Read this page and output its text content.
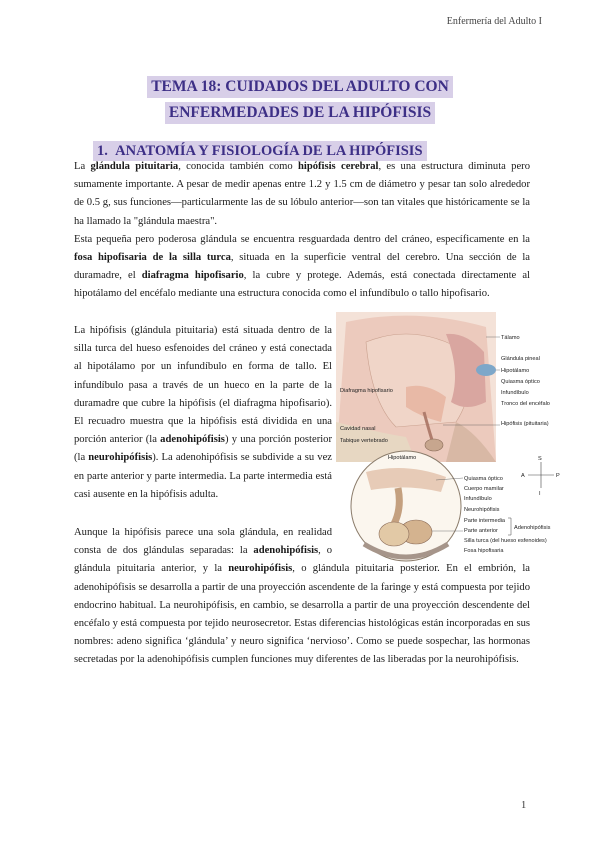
Enfermería del Adulto I
TEMA 18: CUIDADOS DEL ADULTO CON
ENFERMEDADES DE LA HIPÓFISIS
1. ANATOMÍA Y FISIOLOGÍA DE LA HIPÓFISIS

La glándula pituitaria, conocida también como hipófisis cerebral, es una estructura diminuta pero sumamente importante. A pesar de medir apenas entre 1.2 y 1.5 cm de diámetro y pesar tan solo alrededor de 0.5 g, sus funciones—particularmente las de su lóbulo anterior—son tan vitales que históricamente se la ha llamado la "glándula maestra".

Esta pequeña pero poderosa glándula se encuentra resguardada dentro del cráneo, específicamente en la fosa hipofisaria de la silla turca, situada en la superficie ventral del cerebro. Una sección de la duramadre, el diafragma hipofisario, la cubre y protege. Además, está conectada directamente al hipotálamo del encéfalo mediante una estructura conocida como el infundíbulo o tallo hipofisario.

La hipófisis (glándula pituitaria) está situada dentro de la silla turca del hueso esfenoides del cráneo y está conectada al hipotálamo por un infundíbulo en forma de tallo. El infundíbulo pasa a través de un hueco en la parte de la duramadre que cubre la hipófisis (el diafragma hipofisario). El recuadro muestra que la hipófisis está dividida en una porción anterior (la adenohipófisis) y una porción posterior (la neurohipófisis). La adenohipófisis se subdivide a su vez en parte anterior y parte intermedia. La parte intermedia está casi ausente en la hipófisis adulta.
Aunque la hipófisis parece una sola glándula, en realidad consta de dos glándulas separadas: la adenohipófisis, o glándula pituitaria anterior, y la neurohipófisis, o glándula pituitaria posterior. En el embrión, la adenohipófisis se desarrolla a partir de una proyección ascendente de la faringe y está compuesta por tejido endocrino habitual. La neurohipófisis, en cambio, se desarrolla a partir de una proyección descendente del encéfalo y está compuesta por tejido neurosecretor. Estas diferencias histológicas están incorporadas en sus nombres: adeno significa ‘glándula’ y neuro significa ‘nervioso’. Como se puede sospechar, las hormonas secretadas por la adenohipófisis cumplen funciones muy diferentes de las liberadas por la neurohipófisis.
Hipotálamo
Tálamo
Glándula pineal
Hipotálamo
Quiasma óptico
Infundíbulo
Tronco del encéfalo
Hipófisis (pituitaria)
Diafragma hipofisario
Cavidad nasal
Tabique vertebrado
S
I
A	P
Quiasma óptico
Cuerpo mamilar
Infundíbulo
Neurohipófisis
Parte intermedia
Parte anterior
Silla turca (del hueso esfenoides)
Fosa hipofisaria
Adenohipófisis
1
